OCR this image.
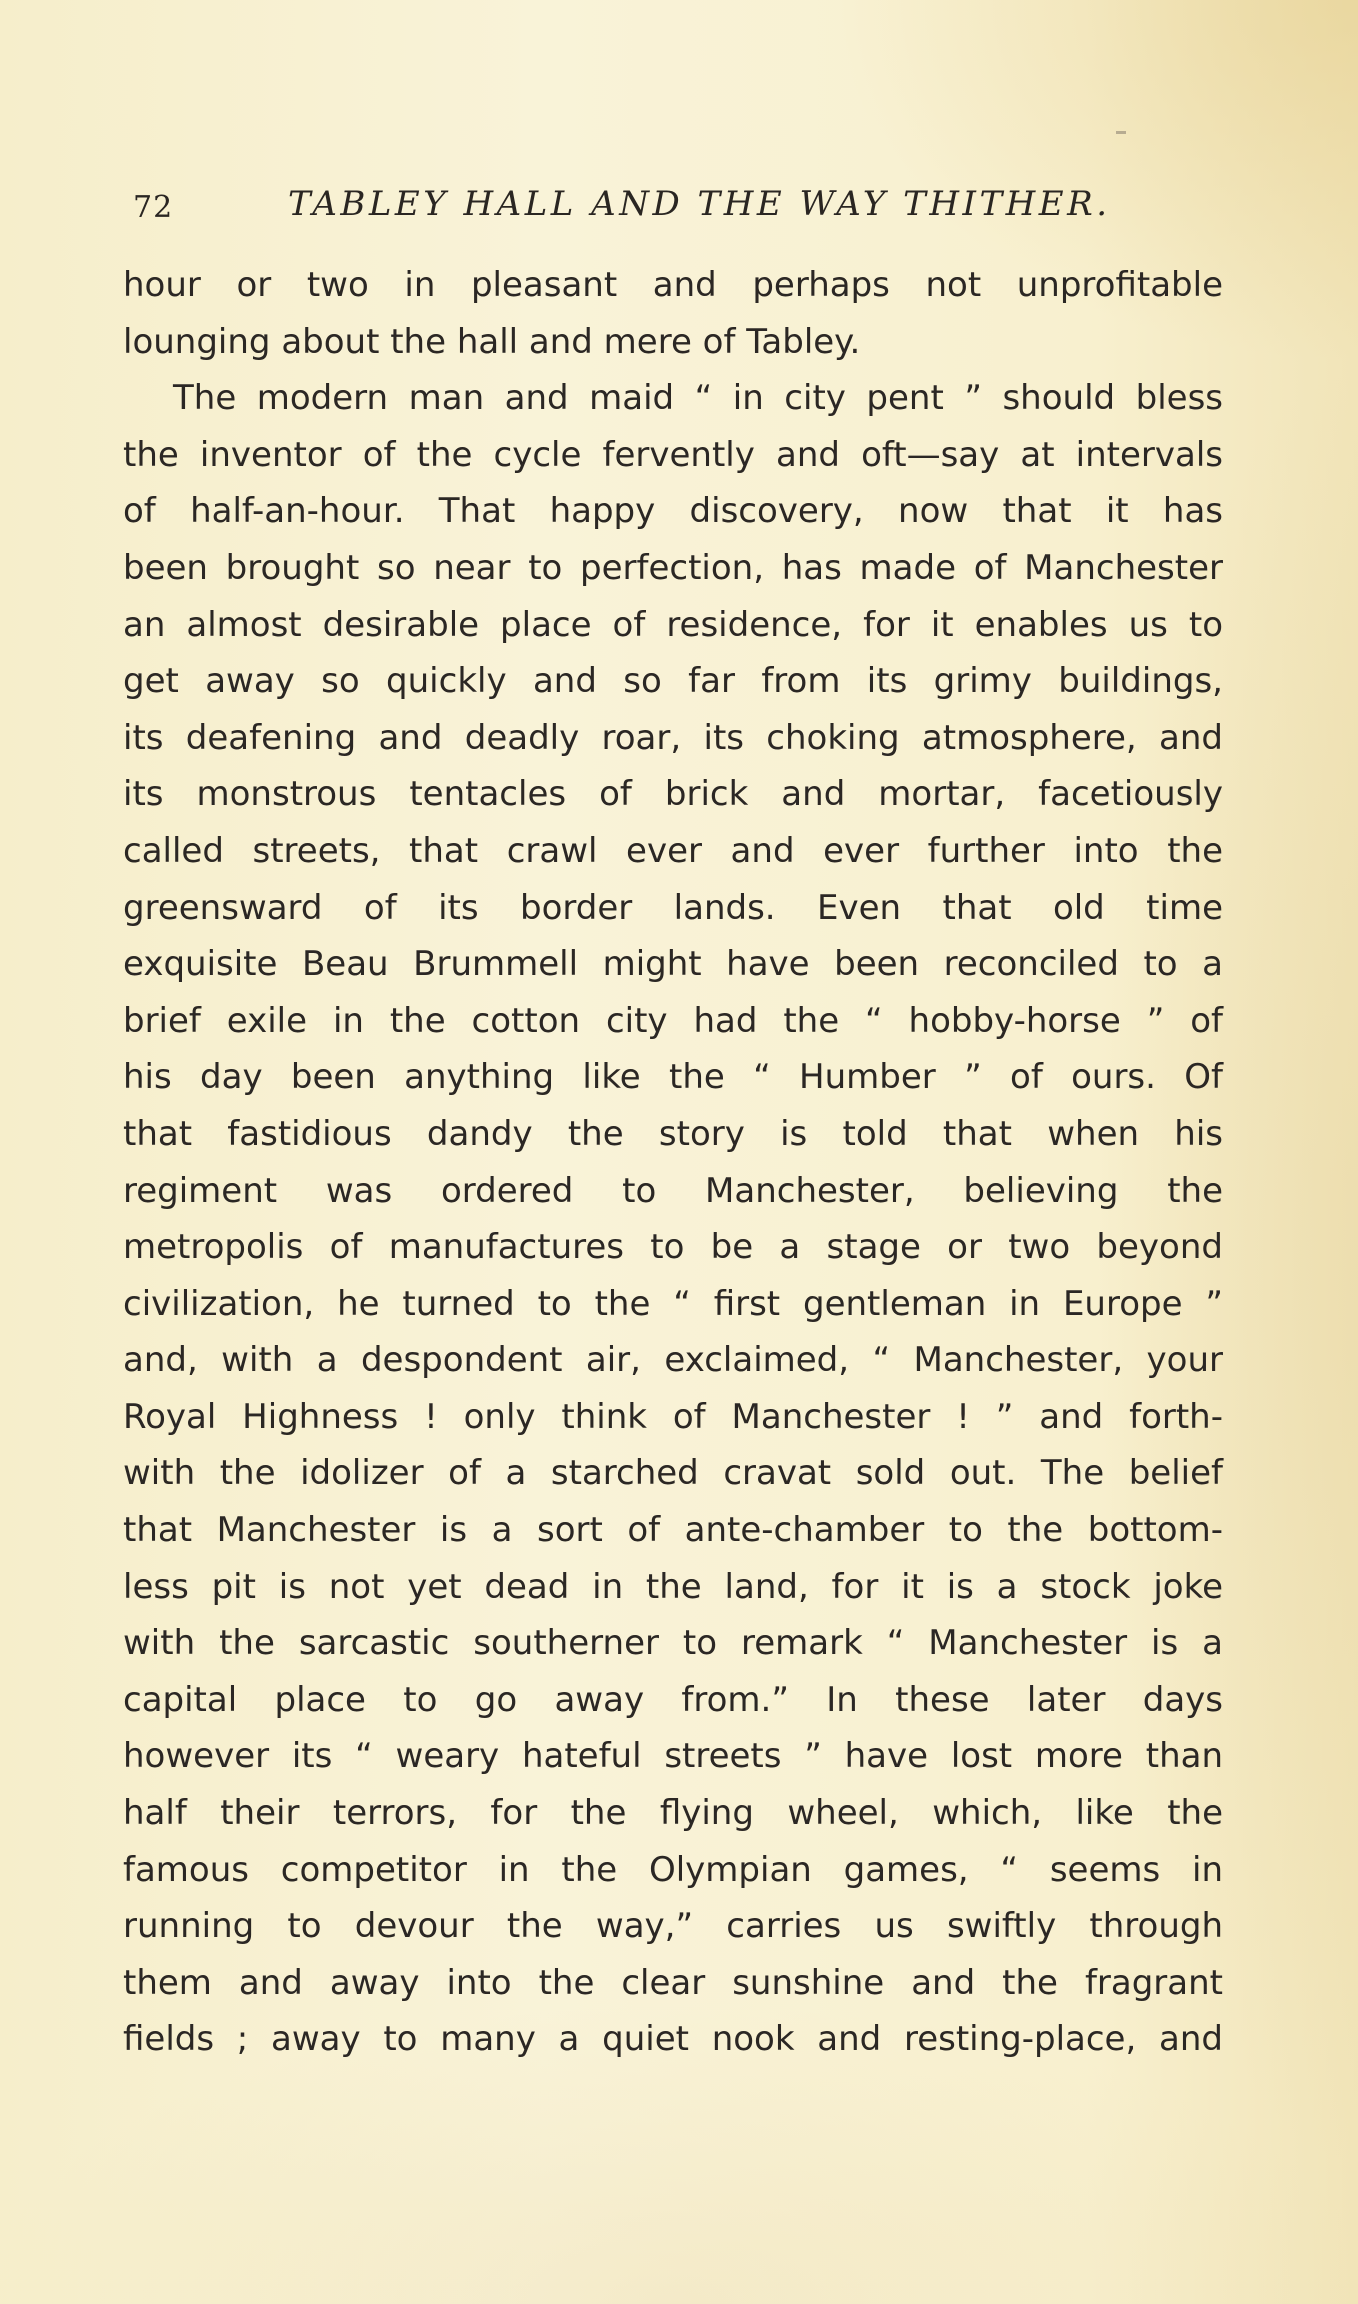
72	TABLEY HALL AND THE WAY THITHER.
hour or two in pleasant and perhaps not unprofitable
lounging about the hall and mere of Tabley.
The modern man and maid “ in city pent ” should bless
the inventor of the cycle fervently and oft—say at intervals
of half-an-hour. That happy discovery, now that it has
been brought so near to perfection, has made of Manchester
an almost desirable place of residence, for it enables us to
get away so quickly and so far from its grimy buildings,
its deafening and deadly roar, its choking atmosphere, and
its monstrous tentacles of brick and mortar, facetiously
called streets, that crawl ever and ever further into the
greensward of its border lands. Even that old time
exquisite Beau Brummell might have been reconciled to a
brief exile in the cotton city had the “ hobby-horse ” of
his day been anything like the “ Humber ” of ours. Of
that fastidious dandy the story is told that when his
regiment was ordered to Manchester, believing the
metropolis of manufactures to be a stage or two beyond
civilization, he turned to the “ first gentleman in Europe ”
and, with a despondent air, exclaimed, “ Manchester, your
Royal Highness ! only think of Manchester ! ” and forth-
with the idolizer of a starched cravat sold out. The belief
that Manchester is a sort of ante-chamber to the bottom-
less pit is not yet dead in the land, for it is a stock joke
with the sarcastic southerner to remark “ Manchester is a
capital place to go away from.” In these later days
however its “ weary hateful streets ” have lost more than
half their terrors, for the flying wheel, which, like the
famous competitor in the Olympian games, “ seems in
running to devour the way,” carries us swiftly through
them and away into the clear sunshine and the fragrant
fields ; away to many a quiet nook and resting-place, and
